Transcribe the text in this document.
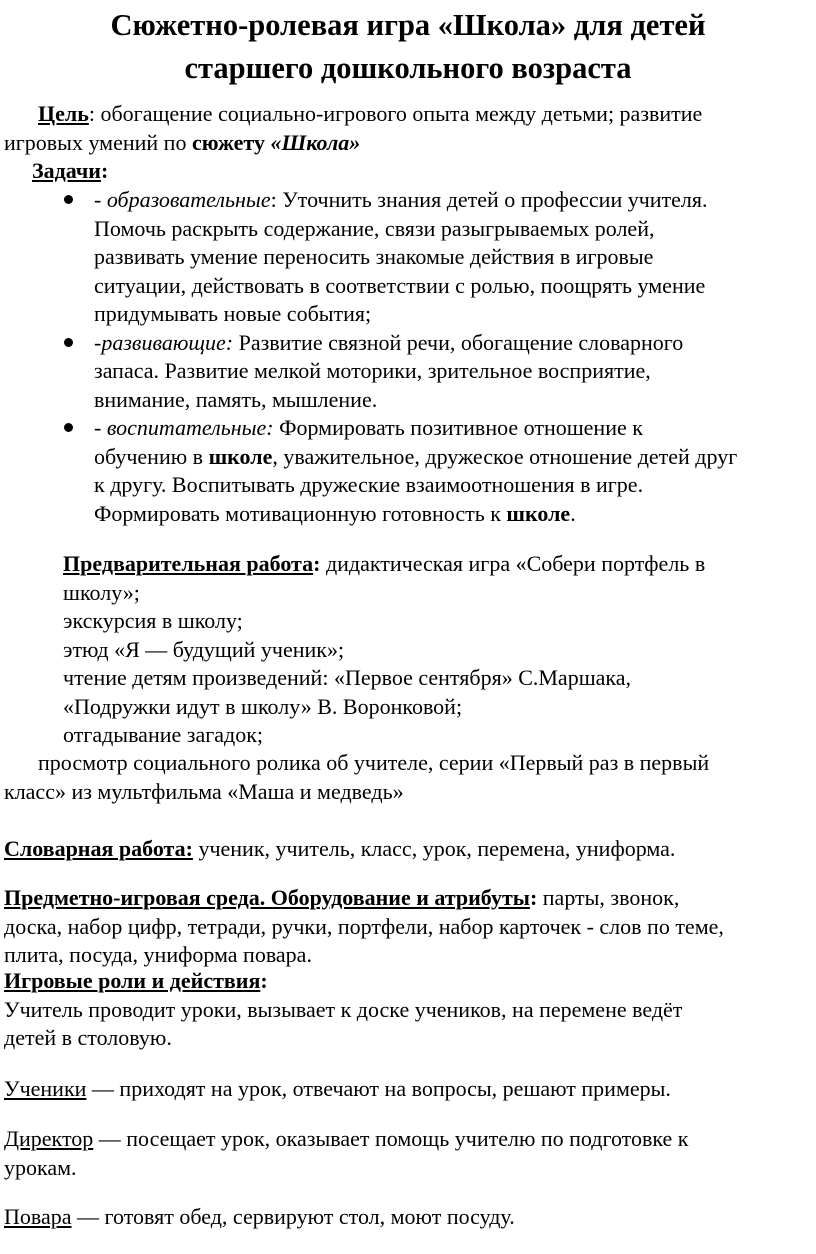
Сюжетно-ролевая игра «Школа» для детей
старшего дошкольного возраста
Цель: обогащение социально-игрового опыта между детьми; развитие
игровых умений по сюжету «Школа»
Задачи:
- образовательные: Уточнить знания детей о профессии учителя.
Помочь раскрыть содержание, связи разыгрываемых ролей,
развивать умение переносить знакомые действия в игровые
ситуации, действовать в соответствии с ролью, поощрять умение
придумывать новые события;
-развивающие: Развитие связной речи, обогащение словарного
запаса. Развитие мелкой моторики, зрительное восприятие,
внимание, память, мышление.
- воспитательные: Формировать позитивное отношение к
обучению в школе, уважительное, дружеское отношение детей друг
к другу. Воспитывать дружеские взаимоотношения в игре.
Формировать мотивационную готовность к школе.
Предварительная работа: дидактическая игра «Собери портфель в
школу»;
экскурсия в школу;
этюд «Я — будущий ученик»;
чтение детям произведений: «Первое сентября» С.Маршака,
«Подружки идут в школу» В. Воронковой;
отгадывание загадок;
просмотр социального ролика об учителе, серии «Первый раз в первый
класс» из мультфильма «Маша и медведь»
Словарная работа: ученик, учитель, класс, урок, перемена, униформа.
Предметно-игровая среда. Оборудование и атрибуты: парты, звонок,
доска, набор цифр, тетради, ручки, портфели, набор карточек - слов по теме,
плита, посуда, униформа повара.
Игровые роли и действия:
Учитель проводит уроки, вызывает к доске учеников, на перемене ведёт
детей в столовую.
Ученики — приходят на урок, отвечают на вопросы, решают примеры.
Директор — посещает урок, оказывает помощь учителю по подготовке к
урокам.
Повара — готовят обед, сервируют стол, моют посуду.
